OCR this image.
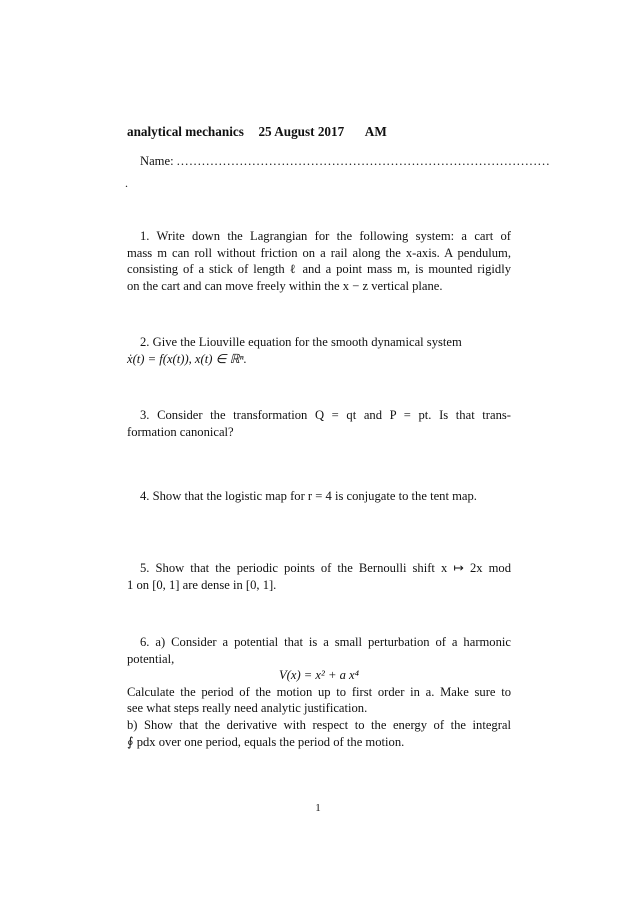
analytical mechanics 25 August 2017 AM
Name: .........................................................................................
.
1. Write down the Lagrangian for the following system: a cart of
mass m can roll without friction on a rail along the x-axis. A pendulum,
consisting of a stick of length ℓ and a point mass m, is mounted rigidly
on the cart and can move freely within the x − z vertical plane.
2. Give the Liouville equation for the smooth dynamical system
ẋ(t) = f(x(t)), x(t) ∈ ℝⁿ.
3. Consider the transformation Q = qt and P = pt. Is that trans-
formation canonical?
4. Show that the logistic map for r = 4 is conjugate to the tent map.
5. Show that the periodic points of the Bernoulli shift x ↦ 2x mod
1 on [0, 1] are dense in [0, 1].
6. a) Consider a potential that is a small perturbation of a harmonic
potential,
V(x) = x² + a x⁴
Calculate the period of the motion up to first order in a. Make sure to
see what steps really need analytic justification.
b) Show that the derivative with respect to the energy of the integral
∮ pdx over one period, equals the period of the motion.
1
